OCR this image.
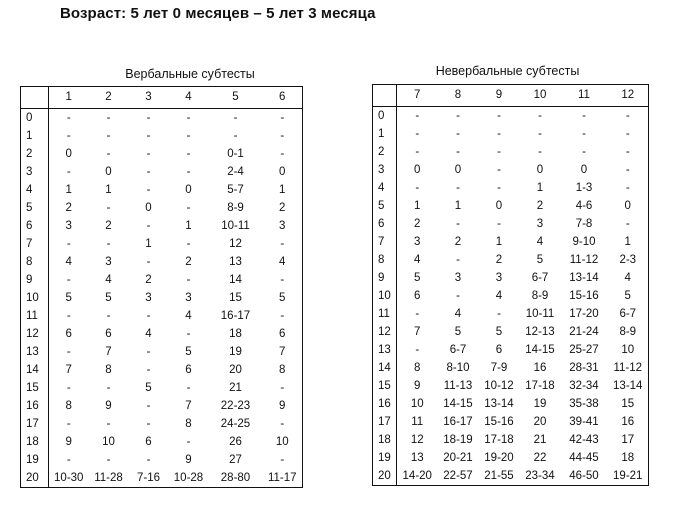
Возраст: 5 лет 0 месяцев – 5 лет 3 месяца
Вербальные субтесты	Невербальные субтесты
	1	2	3	4	5	6
0	-	-	-	-	-	-
1	-	-	-	-	-	-
2	0	-	-	-	0-1	-
3	-	0	-	-	2-4	0
4	1	1	-	0	5-7	1
5	2	-	0	-	8-9	2
6	3	2	-	1	10-11	3
7	-	-	1	-	12	-
8	4	3	-	2	13	4
9	-	4	2	-	14	-
10	5	5	3	3	15	5
11	-	-	-	4	16-17	-
12	6	6	4	-	18	6
13	-	7	-	5	19	7
14	7	8	-	6	20	8
15	-	-	5	-	21	-
16	8	9	-	7	22-23	9
17	-	-	-	8	24-25	-
18	9	10	6	-	26	10
19	-	-	-	9	27	-
20	10-30	11-28	7-16	10-28	28-80	11-17
	7	8	9	10	11	12
0	-	-	-	-	-	-
1	-	-	-	-	-	-
2	-	-	-	-	-	-
3	0	0	-	0	0	-
4	-	-	-	1	1-3	-
5	1	1	0	2	4-6	0
6	2	-	-	3	7-8	-
7	3	2	1	4	9-10	1
8	4	-	2	5	11-12	2-3
9	5	3	3	6-7	13-14	4
10	6	-	4	8-9	15-16	5
11	-	4	-	10-11	17-20	6-7
12	7	5	5	12-13	21-24	8-9
13	-	6-7	6	14-15	25-27	10
14	8	8-10	7-9	16	28-31	11-12
15	9	11-13	10-12	17-18	32-34	13-14
16	10	14-15	13-14	19	35-38	15
17	11	16-17	15-16	20	39-41	16
18	12	18-19	17-18	21	42-43	17
19	13	20-21	19-20	22	44-45	18
20	14-20	22-57	21-55	23-34	46-50	19-21
